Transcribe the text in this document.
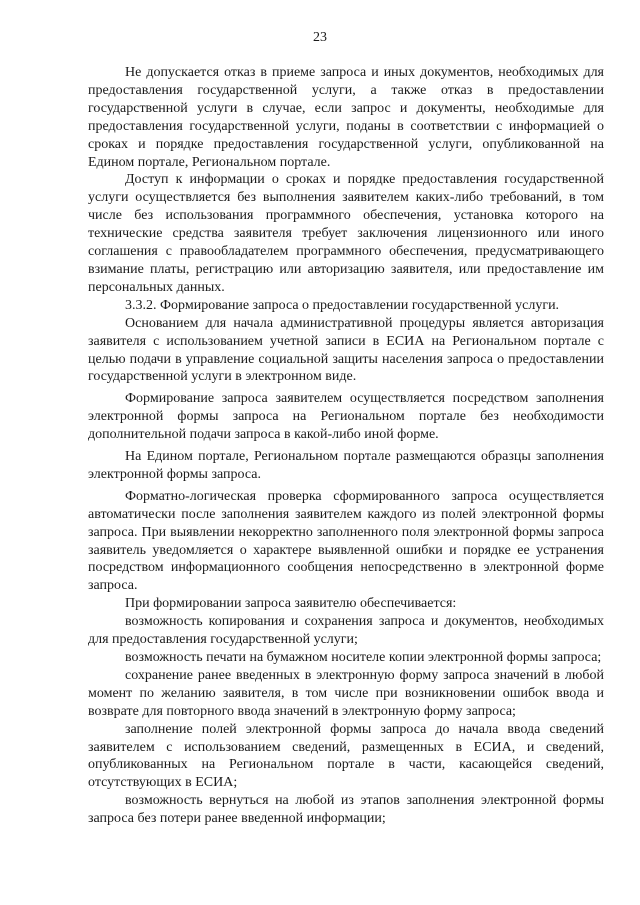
23

Не допускается отказ в приеме запроса и иных документов, необходимых для предоставления государственной услуги, а также отказ в предоставлении государственной услуги в случае, если запрос и документы, необходимые для предоставления государственной услуги, поданы в соответствии с информацией о сроках и порядке предоставления государственной услуги, опубликованной на Едином портале, Региональном портале.

Доступ к информации о сроках и порядке предоставления государственной услуги осуществляется без выполнения заявителем каких-либо требований, в том числе без использования программного обеспечения, установка которого на технические средства заявителя требует заключения лицензионного или иного соглашения с правообладателем программного обеспечения, предусматривающего взимание платы, регистрацию или авторизацию заявителя, или предоставление им персональных данных.

3.3.2. Формирование запроса о предоставлении государственной услуги.

Основанием для начала административной процедуры является авторизация заявителя с использованием учетной записи в ЕСИА на Региональном портале с целью подачи в управление социальной защиты населения запроса о предоставлении государственной услуги в электронном виде.

Формирование запроса заявителем осуществляется посредством заполнения электронной формы запроса на Региональном портале без необходимости дополнительной подачи запроса в какой-либо иной форме.

На Едином портале, Региональном портале размещаются образцы заполнения электронной формы запроса.

Форматно-логическая проверка сформированного запроса осуществляется автоматически после заполнения заявителем каждого из полей электронной формы запроса. При выявлении некорректно заполненного поля электронной формы запроса заявитель уведомляется о характере выявленной ошибки и порядке ее устранения посредством информационного сообщения непосредственно в электронной форме запроса.

При формировании запроса заявителю обеспечивается:

возможность копирования и сохранения запроса и документов, необходимых для предоставления государственной услуги;

возможность печати на бумажном носителе копии электронной формы запроса;

сохранение ранее введенных в электронную форму запроса значений в любой момент по желанию заявителя, в том числе при возникновении ошибок ввода и возврате для повторного ввода значений в электронную форму запроса;

заполнение полей электронной формы запроса до начала ввода сведений заявителем с использованием сведений, размещенных в ЕСИА, и сведений, опубликованных на Региональном портале в части, касающейся сведений, отсутствующих в ЕСИА;

возможность вернуться на любой из этапов заполнения электронной формы запроса без потери ранее введенной информации;
